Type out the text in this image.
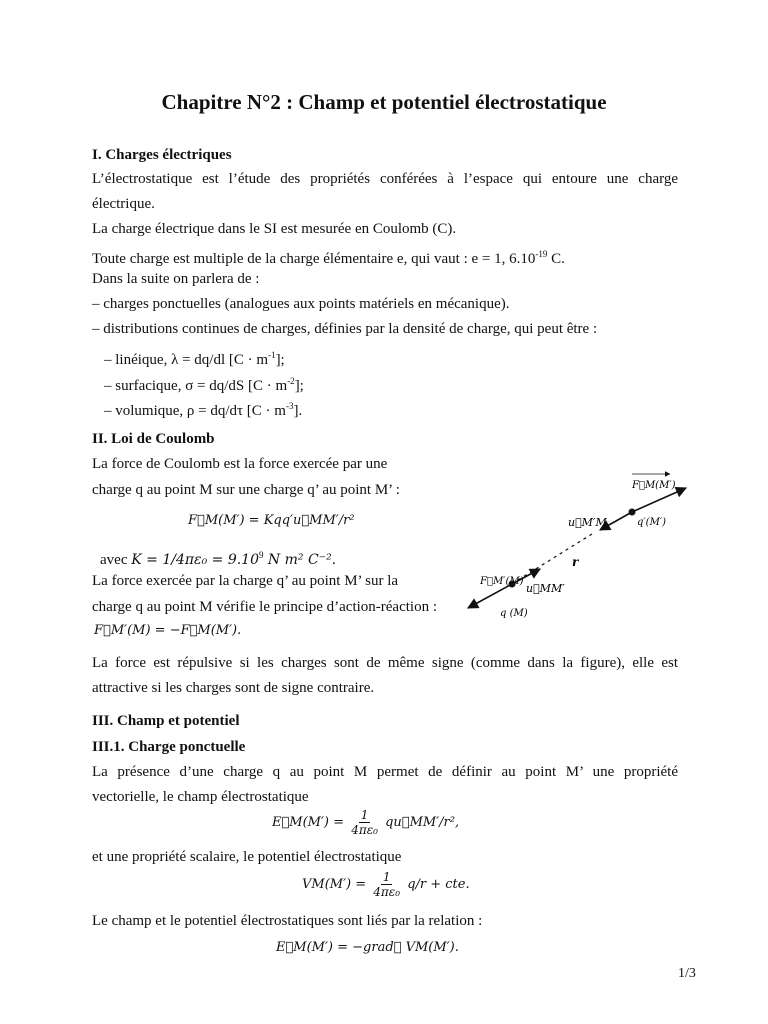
Chapitre N°2 : Champ et potentiel électrostatique
I. Charges électriques
L’électrostatique est l’étude des propriétés conférées à l’espace qui entoure une charge
électrique.
La charge électrique dans le SI est mesurée en Coulomb (C).
Toute charge est multiple de la charge élémentaire e, qui vaut : e = 1, $6.10^{-19}$ C.
Dans la suite on parlera de :
– charges ponctuelles (analogues aux points matériels en mécanique).
– distributions continues de charges, définies par la densité de charge, qui peut être :
– linéique, λ = dq/dl $[C \cdot m^{-1}]$;
– surfacique, σ = dq/dS $[C \cdot m^{-2}]$;
– volumique, ρ = dq/dτ $[C \cdot m^{-3}]$.
II. Loi de Coulomb
La force de Coulomb est la force exercée par une
charge q au point M sur une charge q’ au point M’ :
F⃗M(M′) = Kqq′u⃗MM′/r²
avec $K = 1/4\pi\varepsilon_0 = 9.10^9$ N m² C⁻².
La force exercée par la charge q’ au point M’ sur la
charge q au point M vérifie le principe d’action-réaction :
F⃗M′(M) = −F⃗M(M′).
F⃗M(M′)
q′(M′)
u⃗M′M
r
F⃗M′(M)
u⃗MM′
q (M)
La force est répulsive si les charges sont de même signe (comme dans la figure), elle est
attractive si les charges sont de signe contraire.
III. Champ et potentiel
III.1. Charge ponctuelle
La présence d’une charge q au point M permet de définir au point M’ une propriété
vectorielle, le champ électrostatique
E⃗M(M′) = $\frac{1}{\text{4πε₀}}$ qu⃗MM′/r²,
et une propriété scalaire, le potentiel électrostatique
$VM(M') = \frac{1}{\text{4πε₀}} q/r$ + cte.
Le champ et le potentiel électrostatiques sont liés par la relation :
E⃗M(M′) = −grad⃗ VM(M′).
1/3
